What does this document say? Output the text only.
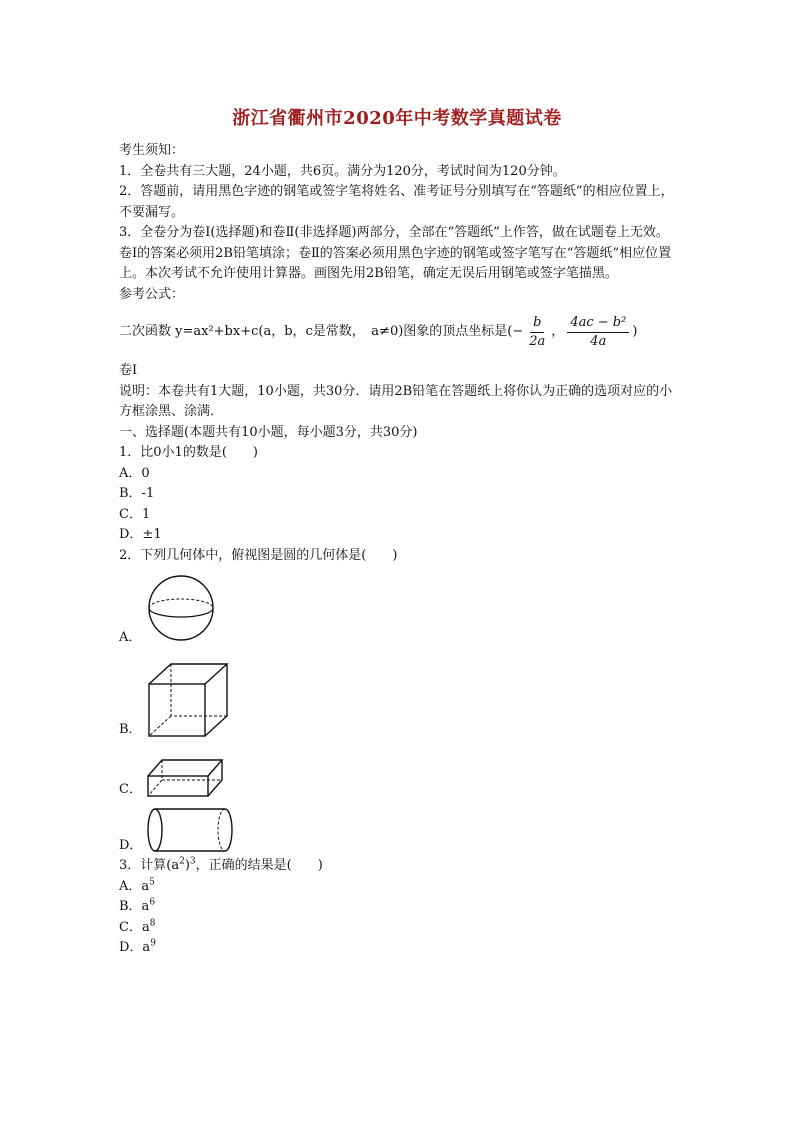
浙江省衢州市2020年中考数学真题试卷
考生须知：
1．全卷共有三大题，24小题，共6页。满分为120分，考试时间为120分钟。
2．答题前，请用黑色字迹的钢笔或签字笔将姓名、准考证号分别填写在“答题纸”的相应位置上，不要漏写。
3．全卷分为卷Ⅰ(选择题)和卷Ⅱ(非选择题)两部分，全部在“答题纸”上作答，做在试题卷上无效。卷Ⅰ的答案必须用2B铅笔填涂；卷Ⅱ的答案必须用黑色字迹的钢笔或签字笔写在“答题纸”相应位置上。本次考试不允许使用计算器。画图先用2B铅笔，确定无误后用钢笔或签字笔描黑。
参考公式：
二次函数 y=ax²+bx+c(a，b，c是常数，　a≠0)图象的顶点坐标是(− $\frac{b}{2a}$ ， $\frac{\text{4ac − b²}}{4a}$ )
卷Ⅰ
说明：本卷共有1大题，10小题，共30分．请用2B铅笔在答题纸上将你认为正确的选项对应的小方框涂黑、涂满．
一、选择题(本题共有10小题，每小题3分，共30分)
1．比0小1的数是(　　)
A．0
B．-1
C．1
D．±1
2．下列几何体中，俯视图是圆的几何体是(　　)
A．
B．
C．
D．
3．计算$(a^2)^3$，正确的结果是(　　)
A．$a^5$
B．$a^6$
C．$a^8$
D．$a^9$
